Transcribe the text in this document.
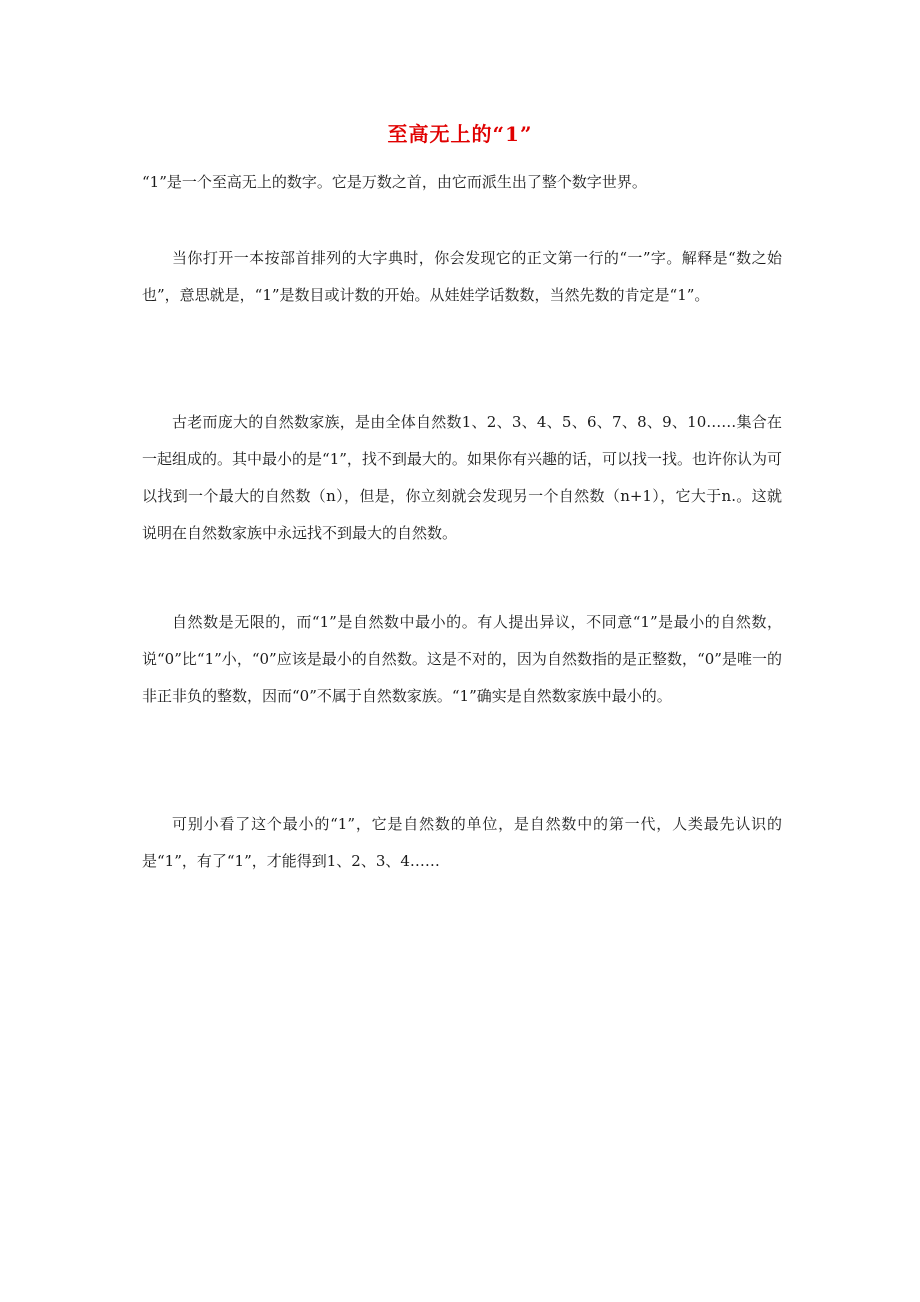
至高无上的“1”
“1”是一个至高无上的数字。它是万数之首，由它而派生出了整个数字世界。

当你打开一本按部首排列的大字典时，你会发现它的正文第一行的“一”字。解释是“数之始也”，意思就是，“1”是数目或计数的开始。从娃娃学话数数，当然先数的肯定是“1”。

古老而庞大的自然数家族，是由全体自然数1、2、3、4、5、6、7、8、9、10……集合在一起组成的。其中最小的是“1”，找不到最大的。如果你有兴趣的话，可以找一找。也许你认为可以找到一个最大的自然数（n），但是，你立刻就会发现另一个自然数（n+1），它大于n.。这就说明在自然数家族中永远找不到最大的自然数。

自然数是无限的，而“1”是自然数中最小的。有人提出异议，不同意“1”是最小的自然数，说“0”比“1”小，“0”应该是最小的自然数。这是不对的，因为自然数指的是正整数，“0”是唯一的非正非负的整数，因而“0”不属于自然数家族。“1”确实是自然数家族中最小的。

可别小看了这个最小的“1”，它是自然数的单位，是自然数中的第一代，人类最先认识的是“1”，有了“1”，才能得到1、2、3、4……
